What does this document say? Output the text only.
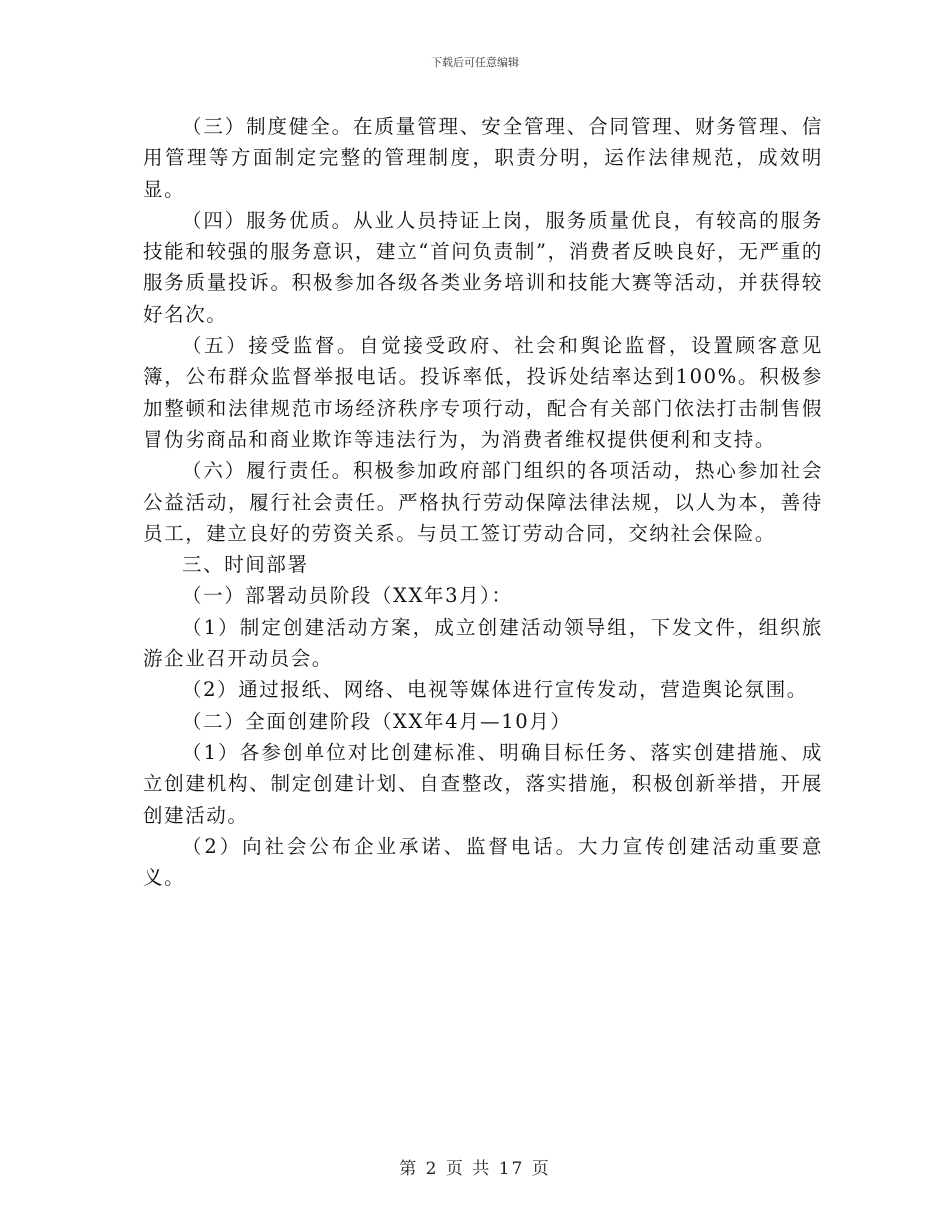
下载后可任意编辑

（三）制度健全。在质量管理、安全管理、合同管理、财务管理、信用管理等方面制定完整的管理制度，职责分明，运作法律规范，成效明显。

（四）服务优质。从业人员持证上岗，服务质量优良，有较高的服务技能和较强的服务意识，建立“首问负责制”，消费者反映良好，无严重的服务质量投诉。积极参加各级各类业务培训和技能大赛等活动，并获得较好名次。

（五）接受监督。自觉接受政府、社会和舆论监督，设置顾客意见簿，公布群众监督举报电话。投诉率低，投诉处结率达到100%。积极参加整顿和法律规范市场经济秩序专项行动，配合有关部门依法打击制售假冒伪劣商品和商业欺诈等违法行为，为消费者维权提供便利和支持。

（六）履行责任。积极参加政府部门组织的各项活动，热心参加社会公益活动，履行社会责任。严格执行劳动保障法律法规，以人为本，善待员工，建立良好的劳资关系。与员工签订劳动合同，交纳社会保险。

三、时间部署

（一）部署动员阶段（XX年3月）：

（1）制定创建活动方案，成立创建活动领导组，下发文件，组织旅游企业召开动员会。

（2）通过报纸、网络、电视等媒体进行宣传发动，营造舆论氛围。

（二）全面创建阶段（XX年4月—10月）

（1）各参创单位对比创建标准、明确目标任务、落实创建措施、成立创建机构、制定创建计划、自查整改，落实措施，积极创新举措，开展创建活动。

（2）向社会公布企业承诺、监督电话。大力宣传创建活动重要意义。

第 2 页 共 17 页
